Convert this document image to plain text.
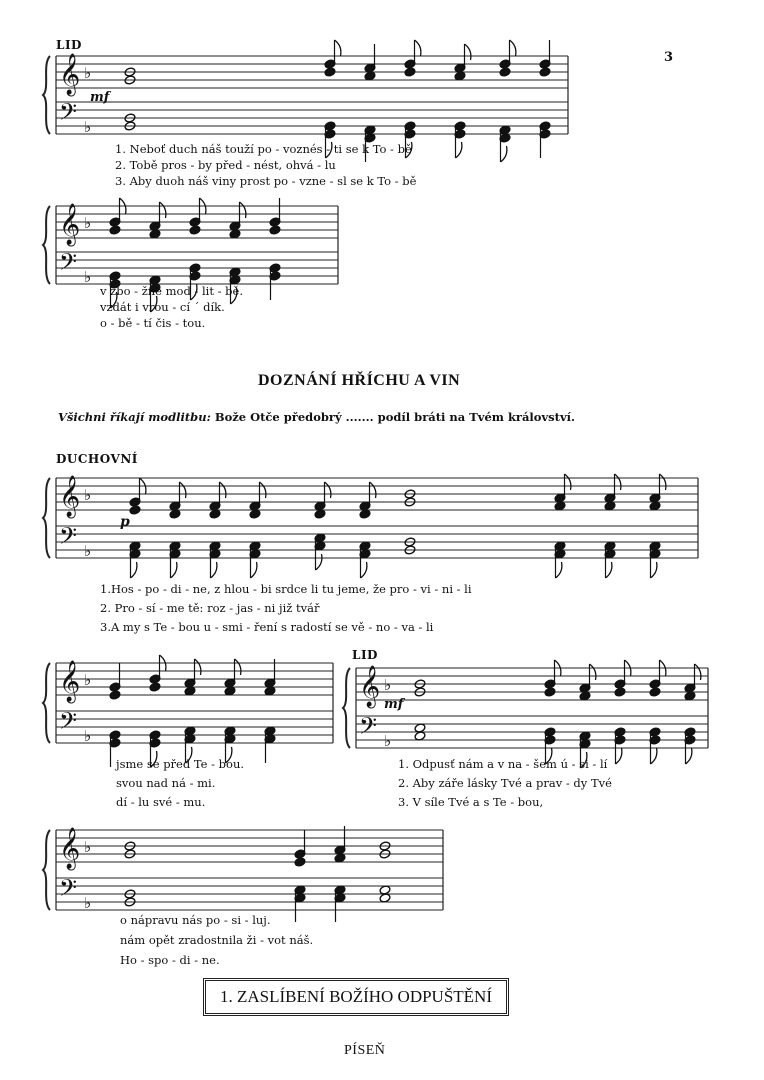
3
LID
𝄞
𝄢
♭
♭
mf
1. Neboť duch náš touží po - voznés - ti se k To - bě
2. Tobě pros - by před - nést, ohvá - lu
3. Aby duoh náš viny prost po - vzne - sl se k To - bě
𝄞
𝄢
♭
♭
v zbo - žné mod - lit - bě.
vzdát i vrou - cí ´ dík.
o - bě - tí čis - tou.
DOZNÁNÍ HŘÍCHU A VIN
Všichni říkají modlitbu: Bože Otče předobrý ....... podíl bráti na Tvém království.
DUCHOVNÍ
𝄞
𝄢
♭
♭
p
1.Hos - po - di - ne, z hlou - bi srdce li tu jeme, že pro - vi - ni - li
2. Pro - sí - me tě: roz - jas - ni již tvář
3.A my s Te - bou u - smi - ření s radostí se vě - no - va - li
𝄞
𝄢
♭
♭
jsme se před Te - bou.
svou nad ná - mi.
dí - lu své - mu.
LID
𝄞
𝄢
♭
♭
mf
1. Odpusť nám a v na - šem ú - si - lí
2. Aby záře lásky Tvé a prav - dy Tvé
3. V síle Tvé a s Te - bou,
𝄞
𝄢
♭
♭
o nápravu nás po - si - luj.
nám opět zradostnila ži - vot náš.
Ho - spo - di - ne.
1. ZASLÍBENÍ BOŽÍHO ODPUŠTĚNÍ
PÍSEŇ
